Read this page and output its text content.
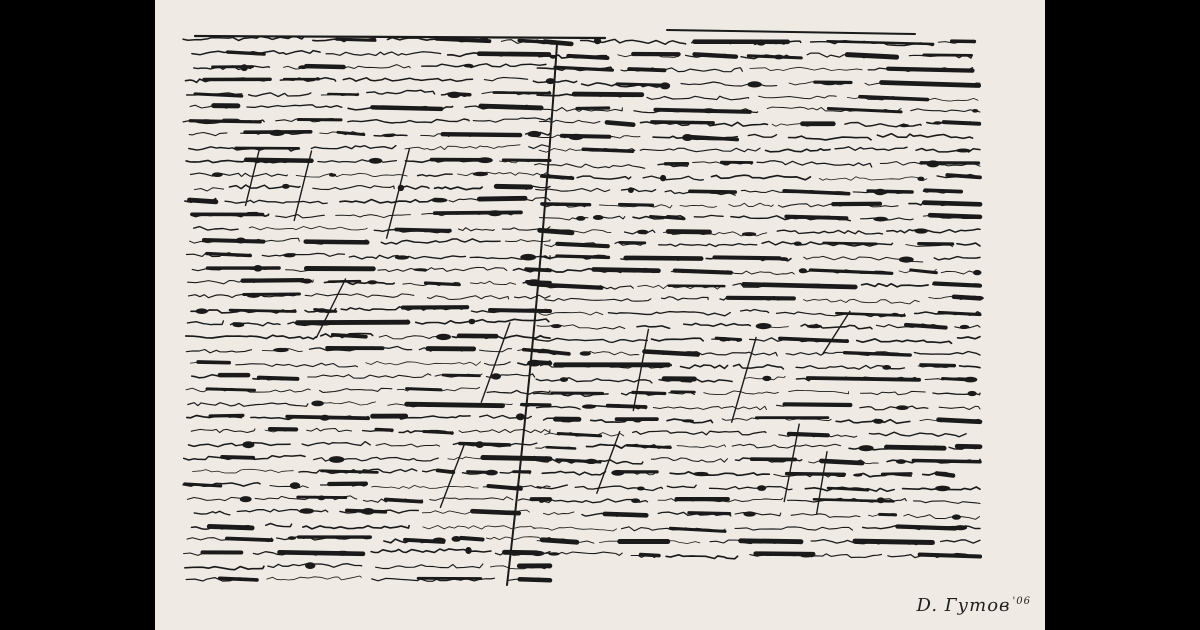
D. Гутов $^{'06}$
